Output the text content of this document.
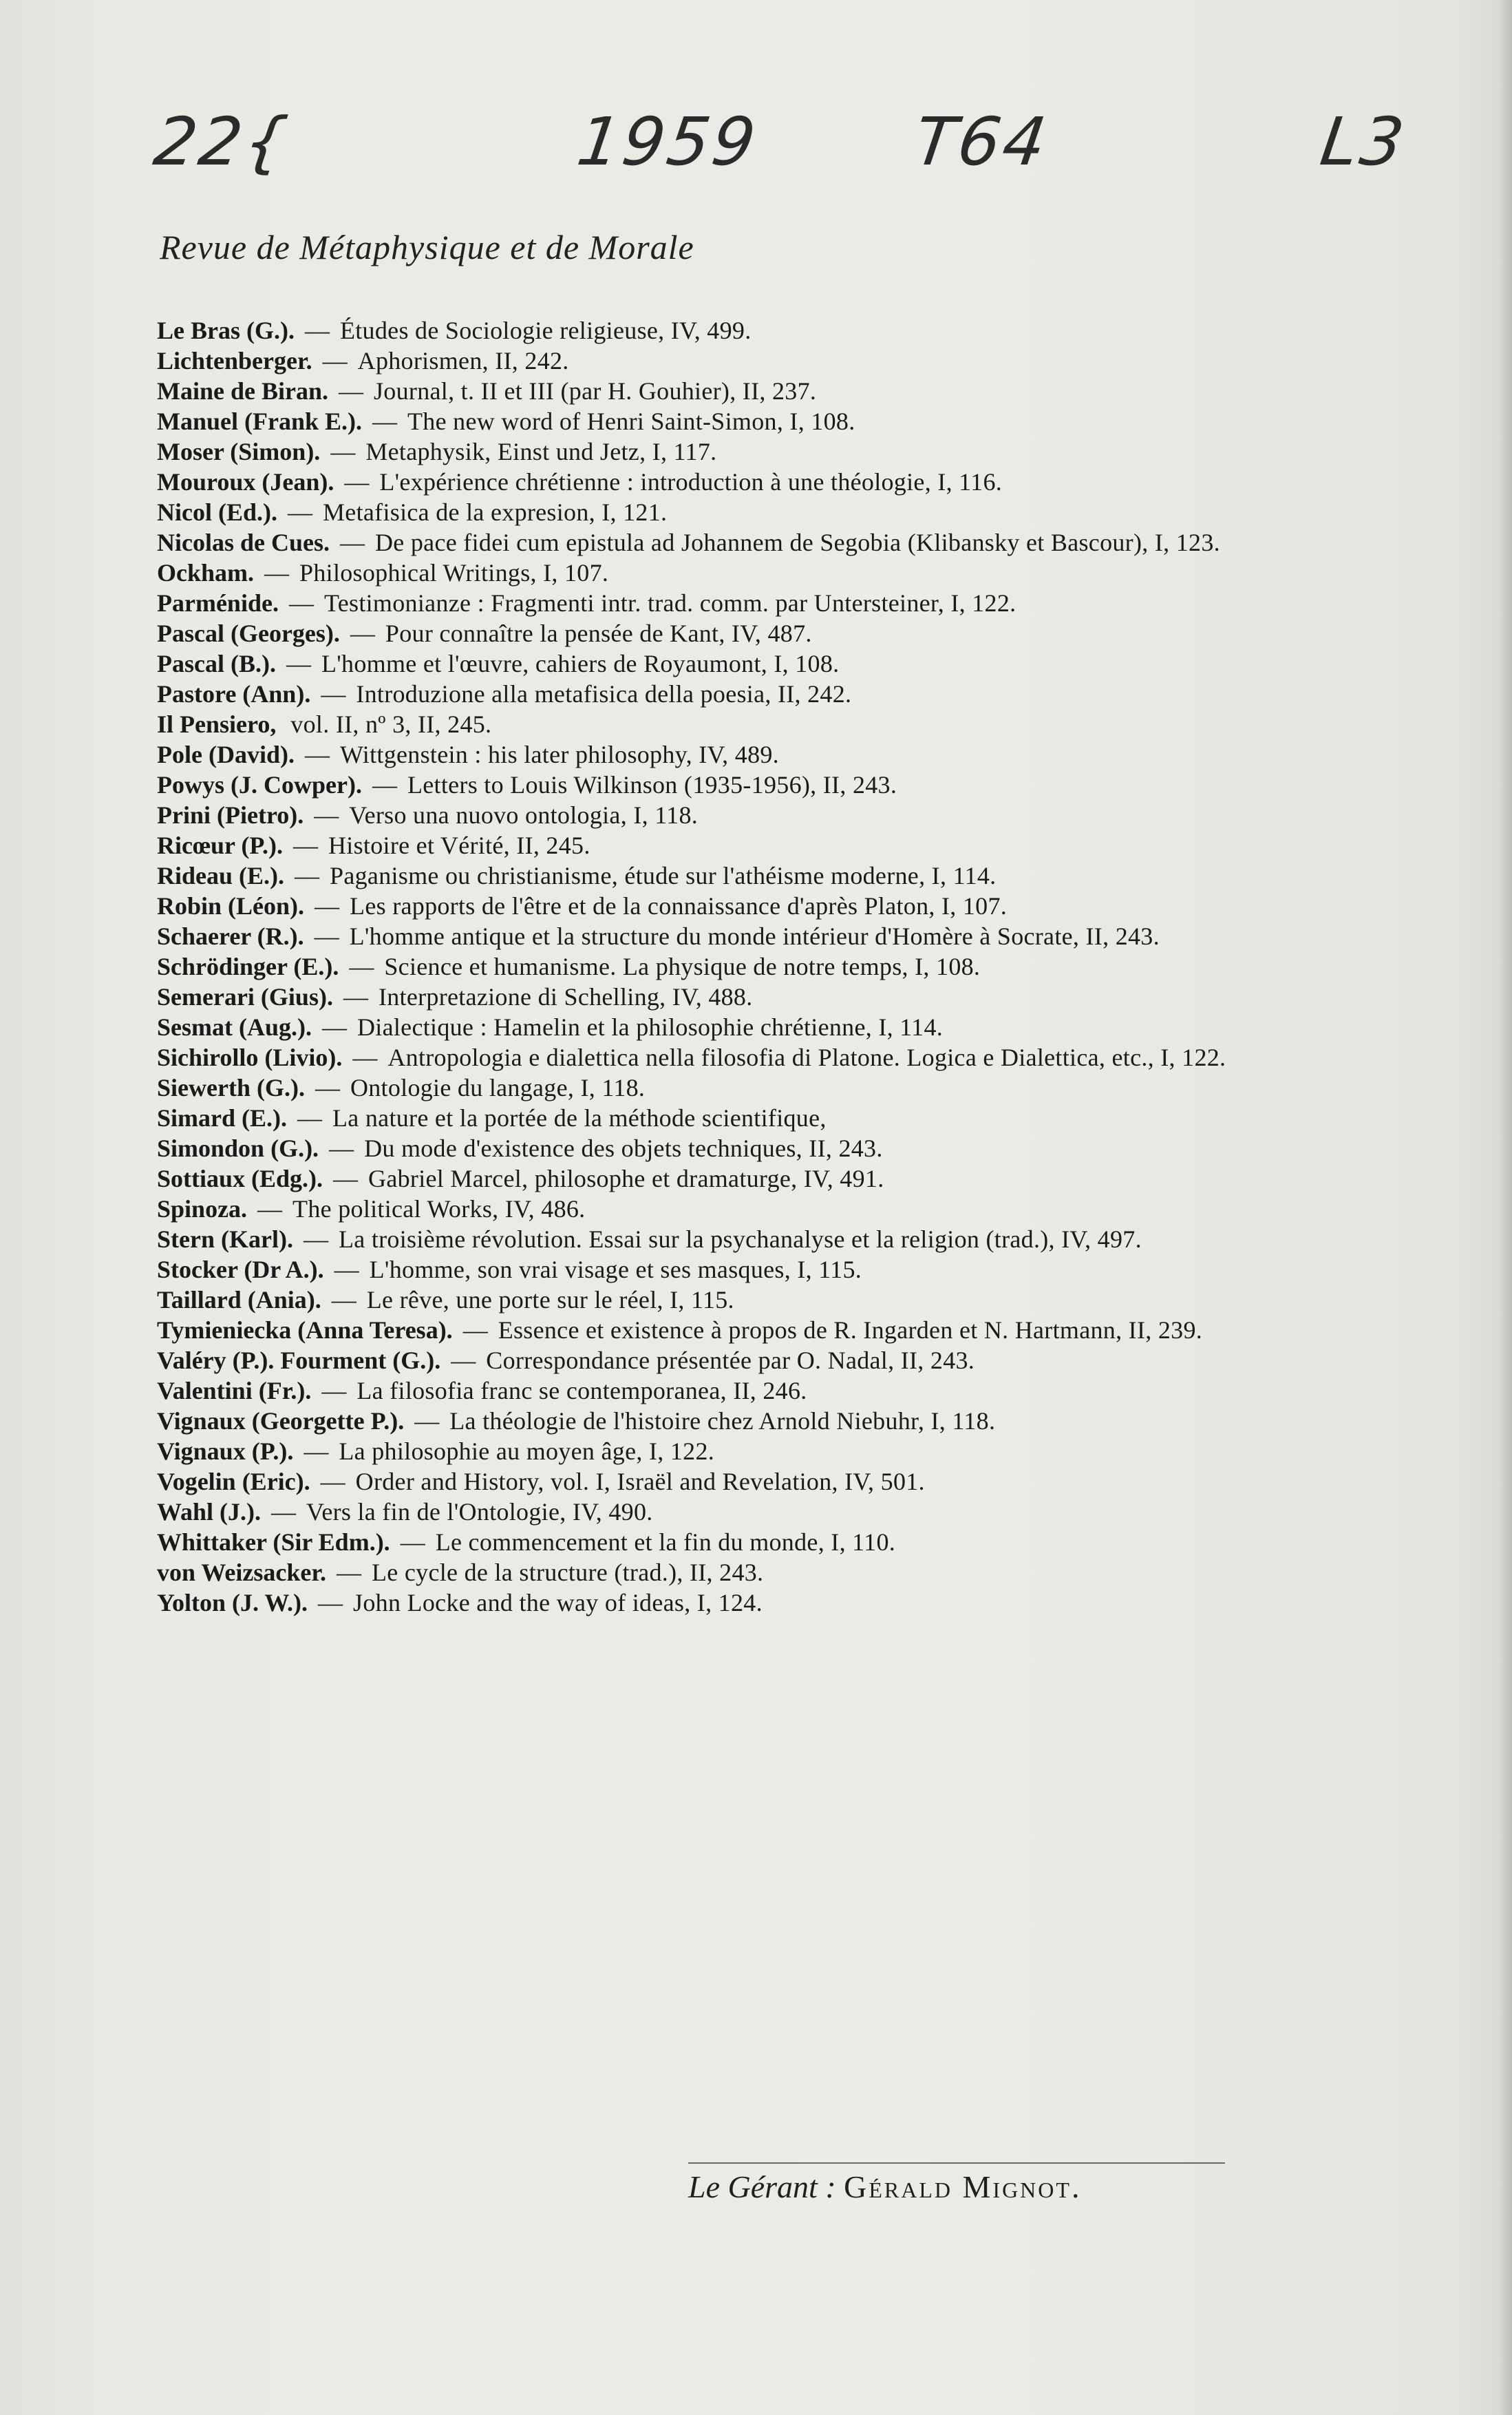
22{	1959 T64	L3
Revue de Métaphysique et de Morale
Le Bras (G.). — Études de Sociologie religieuse, IV, 499.
Lichtenberger. — Aphorismen, II, 242.
Maine de Biran. — Journal, t. II et III (par H. Gouhier), II, 237.
Manuel (Frank E.). — The new word of Henri Saint-Simon, I, 108.
Moser (Simon). — Metaphysik, Einst und Jetz, I, 117.
Mouroux (Jean). — L'expérience chrétienne : introduction à une théologie, I, 116.
Nicol (Ed.). — Metafisica de la expresion, I, 121.
Nicolas de Cues. — De pace fidei cum epistula ad Johannem de Segobia (Klibansky et Bascour), I, 123.
Ockham. — Philosophical Writings, I, 107.
Parménide. — Testimonianze : Fragmenti intr. trad. comm. par Untersteiner, I, 122.
Pascal (Georges). — Pour connaître la pensée de Kant, IV, 487.
Pascal (B.). — L'homme et l'œuvre, cahiers de Royaumont, I, 108.
Pastore (Ann). — Introduzione alla metafisica della poesia, II, 242.
Il Pensiero, vol. II, nº 3, II, 245.
Pole (David). — Wittgenstein : his later philosophy, IV, 489.
Powys (J. Cowper). — Letters to Louis Wilkinson (1935-1956), II, 243.
Prini (Pietro). — Verso una nuovo ontologia, I, 118.
Ricœur (P.). — Histoire et Vérité, II, 245.
Rideau (E.). — Paganisme ou christianisme, étude sur l'athéisme moderne, I, 114.
Robin (Léon). — Les rapports de l'être et de la connaissance d'après Platon, I, 107.
Schaerer (R.). — L'homme antique et la structure du monde intérieur d'Homère à Socrate, II, 243.
Schrödinger (E.). — Science et humanisme. La physique de notre temps, I, 108.
Semerari (Gius). — Interpretazione di Schelling, IV, 488.
Sesmat (Aug.). — Dialectique : Hamelin et la philosophie chrétienne, I, 114.
Sichirollo (Livio). — Antropologia e dialettica nella filosofia di Platone. Logica e Dialettica, etc., I, 122.
Siewerth (G.). — Ontologie du langage, I, 118.
Simard (E.). — La nature et la portée de la méthode scientifique,
Simondon (G.). — Du mode d'existence des objets techniques, II, 243.
Sottiaux (Edg.). — Gabriel Marcel, philosophe et dramaturge, IV, 491.
Spinoza. — The political Works, IV, 486.
Stern (Karl). — La troisième révolution. Essai sur la psychanalyse et la religion (trad.), IV, 497.
Stocker (Dr A.). — L'homme, son vrai visage et ses masques, I, 115.
Taillard (Ania). — Le rêve, une porte sur le réel, I, 115.
Tymieniecka (Anna Teresa). — Essence et existence à propos de R. Ingarden et N. Hartmann, II, 239.
Valéry (P.). Fourment (G.). — Correspondance présentée par O. Nadal, II, 243.
Valentini (Fr.). — La filosofia franc se contemporanea, II, 246.
Vignaux (Georgette P.). — La théologie de l'histoire chez Arnold Niebuhr, I, 118.
Vignaux (P.). — La philosophie au moyen âge, I, 122.
Vogelin (Eric). — Order and History, vol. I, Israël and Revelation, IV, 501.
Wahl (J.). — Vers la fin de l'Ontologie, IV, 490.
Whittaker (Sir Edm.). — Le commencement et la fin du monde, I, 110.
von Weizsacker. — Le cycle de la structure (trad.), II, 243.
Yolton (J. W.). — John Locke and the way of ideas, I, 124.
Le Gérant : Gérald Mignot.
